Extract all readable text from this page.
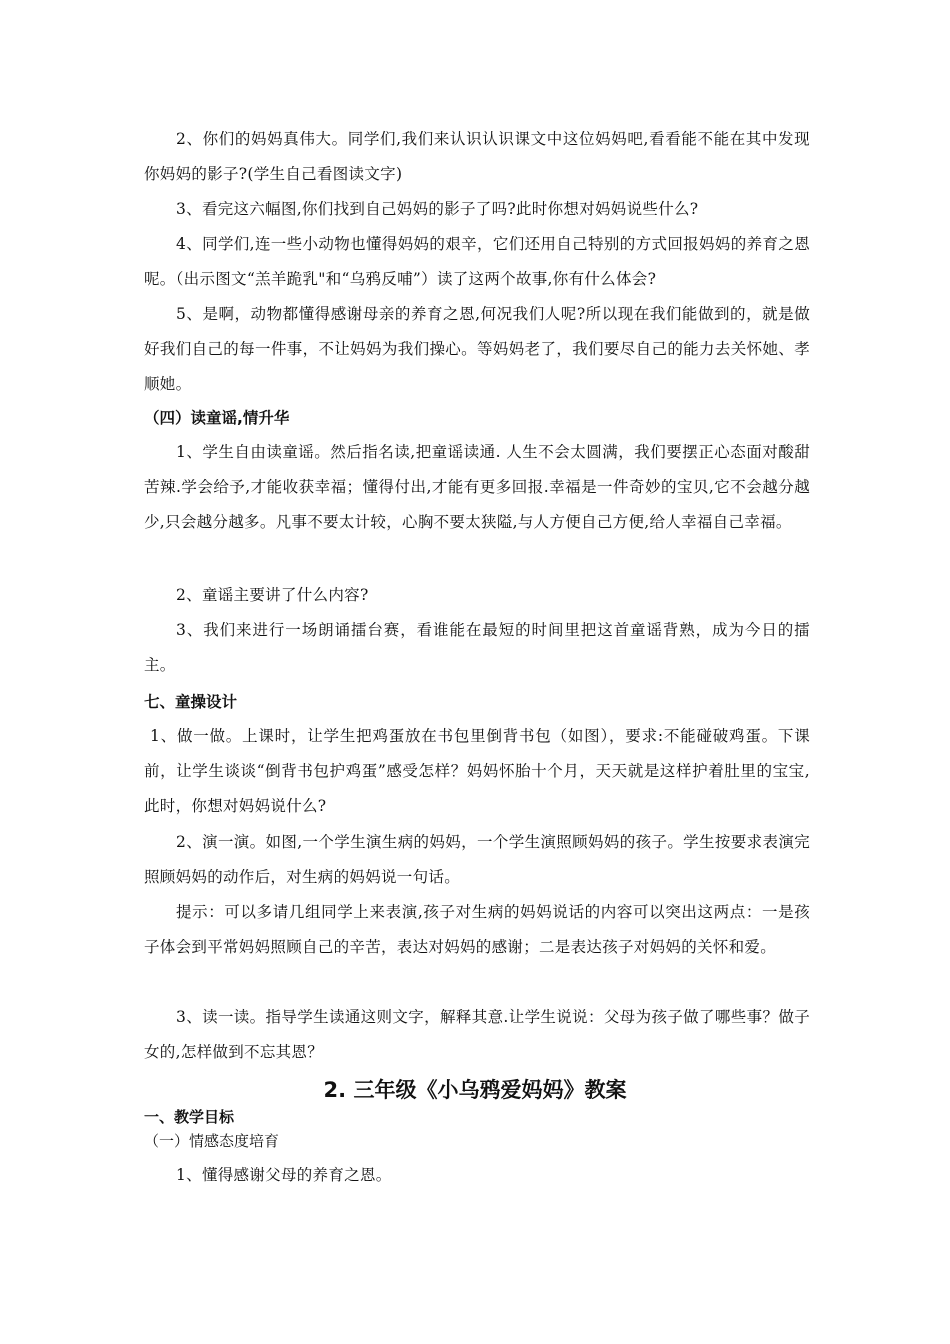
2、你们的妈妈真伟大。同学们,我们来认识认识课文中这位妈妈吧,看看能不能在其中发现你妈妈的影子?(学生自己看图读文字)

3、看完这六幅图,你们找到自己妈妈的影子了吗?此时你想对妈妈说些什么?

4、同学们,连一些小动物也懂得妈妈的艰辛，它们还用自己特别的方式回报妈妈的养育之恩呢。（出示图文“羔羊跪乳"和“乌鸦反哺”）读了这两个故事,你有什么体会?

5、是啊，动物都懂得感谢母亲的养育之恩,何况我们人呢?所以现在我们能做到的，就是做好我们自己的每一件事，不让妈妈为我们操心。等妈妈老了，我们要尽自己的能力去关怀她、孝顺她。

（四）读童谣,情升华

1、学生自由读童谣。然后指名读,把童谣读通. 人生不会太圆满，我们要摆正心态面对酸甜苦辣.学会给予,才能收获幸福；懂得付出,才能有更多回报.幸福是一件奇妙的宝贝,它不会越分越少,只会越分越多。凡事不要太计较，心胸不要太狭隘,与人方便自己方便,给人幸福自己幸福。

2、童谣主要讲了什么内容?

3、我们来进行一场朗诵擂台赛，看谁能在最短的时间里把这首童谣背熟，成为今日的擂主。

七、童操设计

1、做一做。上课时，让学生把鸡蛋放在书包里倒背书包（如图），要求:不能碰破鸡蛋。下课前，让学生谈谈“倒背书包护鸡蛋”感受怎样？妈妈怀胎十个月，天天就是这样护着肚里的宝宝,此时，你想对妈妈说什么?

2、演一演。如图,一个学生演生病的妈妈，一个学生演照顾妈妈的孩子。学生按要求表演完照顾妈妈的动作后，对生病的妈妈说一句话。

提示：可以多请几组同学上来表演,孩子对生病的妈妈说话的内容可以突出这两点：一是孩子体会到平常妈妈照顾自己的辛苦，表达对妈妈的感谢；二是表达孩子对妈妈的关怀和爱。

3、读一读。指导学生读通这则文字，解释其意.让学生说说：父母为孩子做了哪些事？做子女的,怎样做到不忘其恩？

2. 三年级《小乌鸦爱妈妈》教案
一、教学目标
（一）情感态度培育

1、懂得感谢父母的养育之恩。
